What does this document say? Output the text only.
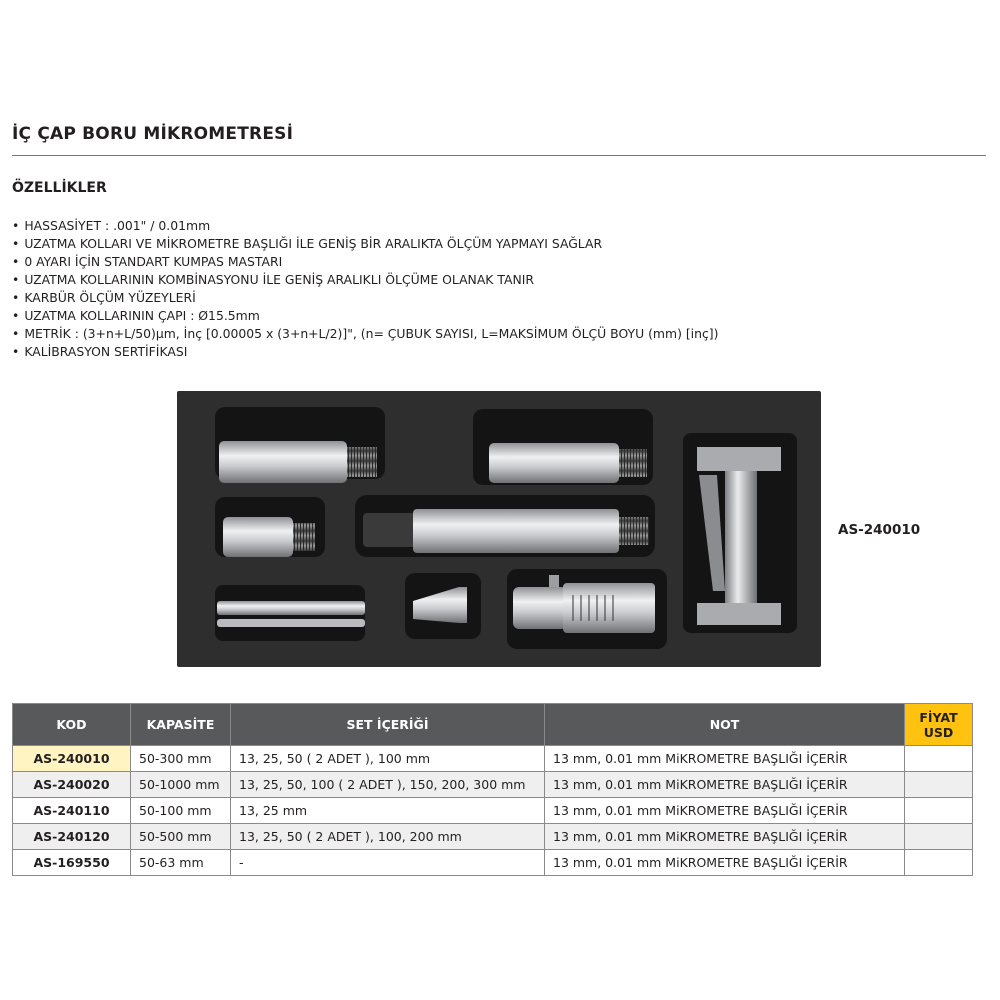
İÇ ÇAP BORU MİKROMETRESİ
ÖZELLİKLER
• HASSASİYET : .001" / 0.01mm
• UZATMA KOLLARI VE MİKROMETRE BAŞLIĞI İLE GENİŞ BİR ARALIKTA ÖLÇÜM YAPMAYI SAĞLAR
• 0 AYARI İÇİN STANDART KUMPAS MASTARI
• UZATMA KOLLARININ KOMBİNASYONU İLE GENİŞ ARALIKLI ÖLÇÜME OLANAK TANIR
• KARBÜR ÖLÇÜM YÜZEYLERİ
• UZATMA KOLLARININ ÇAPI : Ø15.5mm
• METRİK : (3+n+L/50)μm, İnç [0.00005 x (3+n+L/2)]", (n= ÇUBUK SAYISI, L=MAKSİMUM ÖLÇÜ BOYU (mm) [inç])
• KALİBRASYON SERTİFİKASI
AS-240010
KOD	KAPASİTE	SET İÇERİĞİ	NOT	FİYAT
USD

AS-240010	50-300 mm	13, 25, 50 ( 2 ADET ), 100 mm	13 mm, 0.01 mm MiKROMETRE BAŞLIĞI İÇERİR	
AS-240020	50-1000 mm	13, 25, 50, 100 ( 2 ADET ), 150, 200, 300 mm	13 mm, 0.01 mm MiKROMETRE BAŞLIĞI İÇERİR	
AS-240110	50-100 mm	13, 25 mm	13 mm, 0.01 mm MiKROMETRE BAŞLIĞI İÇERİR	
AS-240120	50-500 mm	13, 25, 50 ( 2 ADET ), 100, 200 mm	13 mm, 0.01 mm MiKROMETRE BAŞLIĞI İÇERİR	
AS-169550	50-63 mm	-	13 mm, 0.01 mm MiKROMETRE BAŞLIĞI İÇERİR	
